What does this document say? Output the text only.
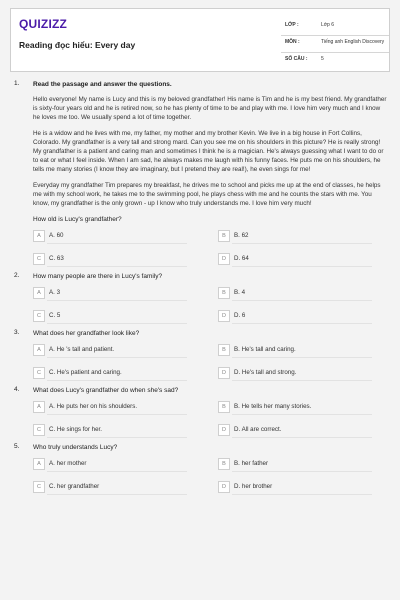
QUIZIZZ
Reading đọc hiểu: Every day
LỚP :	Lớp 6
MÔN :	Tiếng anh English Discovery
SỐ CÂU :	5
1. Read the passage and answer the questions.

Hello everyone! My name is Lucy and this is my beloved grandfather! His name is Tim and he is my best friend. My grandfather is sixty-four years old and he is retired now, so he has plenty of time to be and play with me. I love him very much and I know he loves me too. We usually spend a lot of time together.

He is a widow and he lives with me, my father, my mother and my brother Kevin. We live in a big house in Fort Collins, Colorado. My grandfather is a very tall and strong mard. Can you see me on his shoulders in this picture? He is really strong! My grandfather is a patient and caring man and sometimes I think he is a magician. He's always guessing what I want to do or to eat or what I feel inside. When I am sad, he always makes me laugh with his funny faces. He puts me on his shoulders, he tells me many stories (I know they are imaginary, but I pretend they are real!), he even sings for me!

Everyday my grandfather Tim prepares my breakfast, he drives me to school and picks me up at the end of classes, he helps me with my school work, he takes me to the swimming pool, he plays chess with me and he counts the stars with me. You know, my grandfather is the only grown - up I know who truly understands me. I love him very much!

How old is Lucy's grandfather?

A	A. 60	B	B. 62
C	C. 63	D	D. 64
2. How many people are there in Lucy's family?

A	A. 3	B	B. 4
C	C. 5	D	D. 6
3. What does her grandfather look like?

A	A. He 's tall and patient.	B	B. He's tall and caring.
C	C. He's patient and caring.	D	D. He's tall and strong.
4. What does Lucy's grandfather do when she's sad?

A	A. He puts her on his shoulders.	B	B. He tells her many stories.
C	C. He sings for her.	D	D. All are correct.
5. Who truly understands Lucy?

A	A. her mother	B	B. her father
C	C. her grandfather	D	D. her brother
